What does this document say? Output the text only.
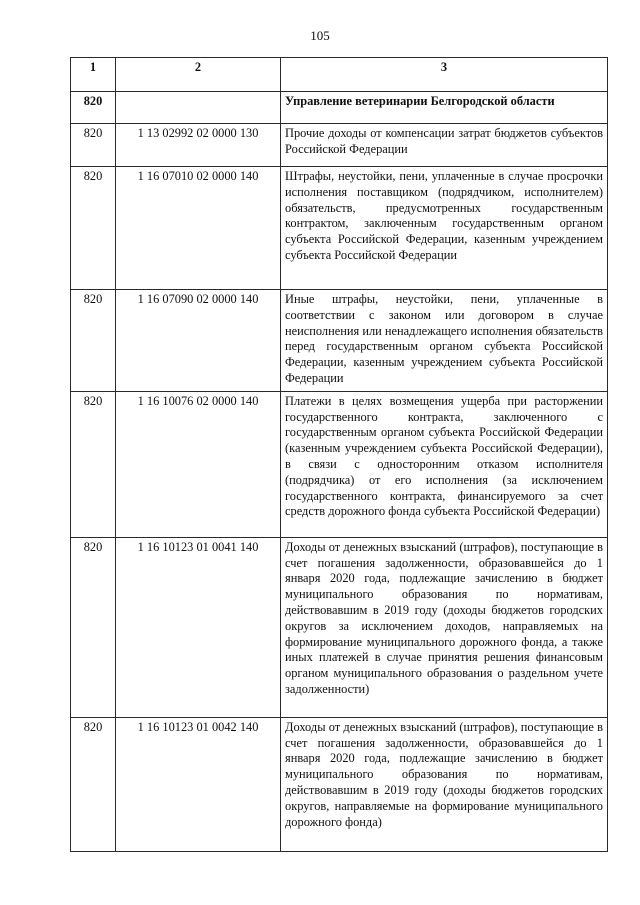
105
1	2	3
820		Управление ветеринарии Белгородской области
820	1 13 02992 02 0000 130	Прочие доходы от компенсации затрат бюджетов субъектов Российской Федерации
820	1 16 07010 02 0000 140	Штрафы, неустойки, пени, уплаченные в случае просрочки исполнения поставщиком (подрядчиком, исполнителем) обязательств, предусмотренных государственным контрактом, заключенным государственным органом субъекта Российской Федерации, казенным учреждением субъекта Российской Федерации
820	1 16 07090 02 0000 140	Иные штрафы, неустойки, пени, уплаченные в соответствии с законом или договором в случае неисполнения или ненадлежащего исполнения обязательств перед государственным органом субъекта Российской Федерации, казенным учреждением субъекта Российской Федерации
820	1 16 10076 02 0000 140	Платежи в целях возмещения ущерба при расторжении государственного контракта, заключенного с государственным органом субъекта Российской Федерации (казенным учреждением субъекта Российской Федерации), в связи с односторонним отказом исполнителя (подрядчика) от его исполнения (за исключением государственного контракта, финансируемого за счет средств дорожного фонда субъекта Российской Федерации)
820	1 16 10123 01 0041 140	Доходы от денежных взысканий (штрафов), поступающие в счет погашения задолженности, образовавшейся до 1 января 2020 года, подлежащие зачислению в бюджет муниципального образования по нормативам, действовавшим в 2019 году (доходы бюджетов городских округов за исключением доходов, направляемых на формирование муниципального дорожного фонда, а также иных платежей в случае принятия решения финансовым органом муниципального образования о раздельном учете задолженности)
820	1 16 10123 01 0042 140	Доходы от денежных взысканий (штрафов), поступающие в счет погашения задолженности, образовавшейся до 1 января 2020 года, подлежащие зачислению в бюджет муниципального образования по нормативам, действовавшим в 2019 году (доходы бюджетов городских округов, направляемые на формирование муниципального дорожного фонда)
